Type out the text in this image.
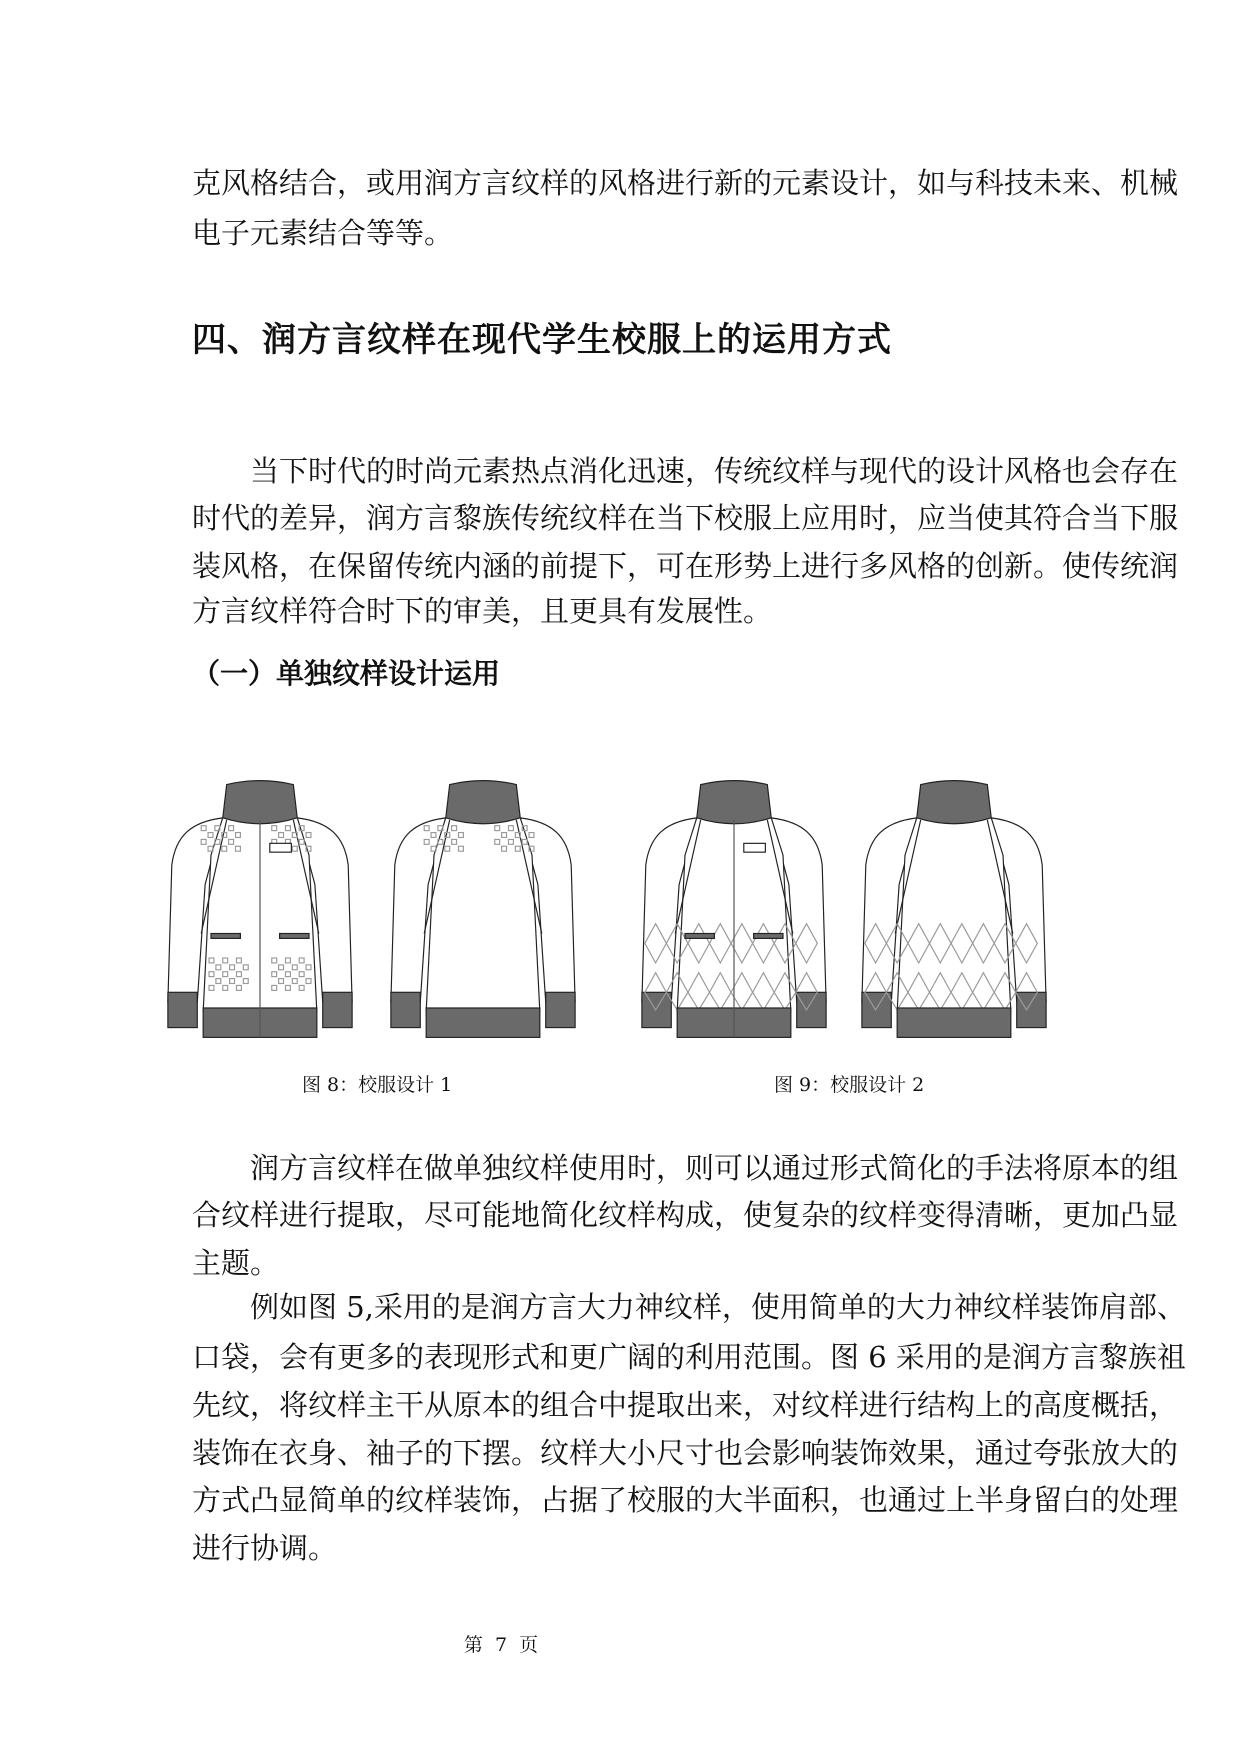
克风格结合，或用润方言纹样的风格进行新的元素设计，如与科技未来、机械
电子元素结合等等。
四、润方言纹样在现代学生校服上的运用方式
当下时代的时尚元素热点消化迅速，传统纹样与现代的设计风格也会存在
时代的差异，润方言黎族传统纹样在当下校服上应用时，应当使其符合当下服
装风格，在保留传统内涵的前提下，可在形势上进行多风格的创新。使传统润
方言纹样符合时下的审美，且更具有发展性。
（一）单独纹样设计运用
图 8：校服设计 1	图 9：校服设计 2
润方言纹样在做单独纹样使用时，则可以通过形式简化的手法将原本的组
合纹样进行提取，尽可能地简化纹样构成，使复杂的纹样变得清晰，更加凸显
主题。
例如图 5,采用的是润方言大力神纹样，使用简单的大力神纹样装饰肩部、
口袋，会有更多的表现形式和更广阔的利用范围。图 6 采用的是润方言黎族祖
先纹，将纹样主干从原本的组合中提取出来，对纹样进行结构上的高度概括，
装饰在衣身、袖子的下摆。纹样大小尺寸也会影响装饰效果，通过夸张放大的
方式凸显简单的纹样装饰，占据了校服的大半面积，也通过上半身留白的处理
进行协调。
第 7 页
